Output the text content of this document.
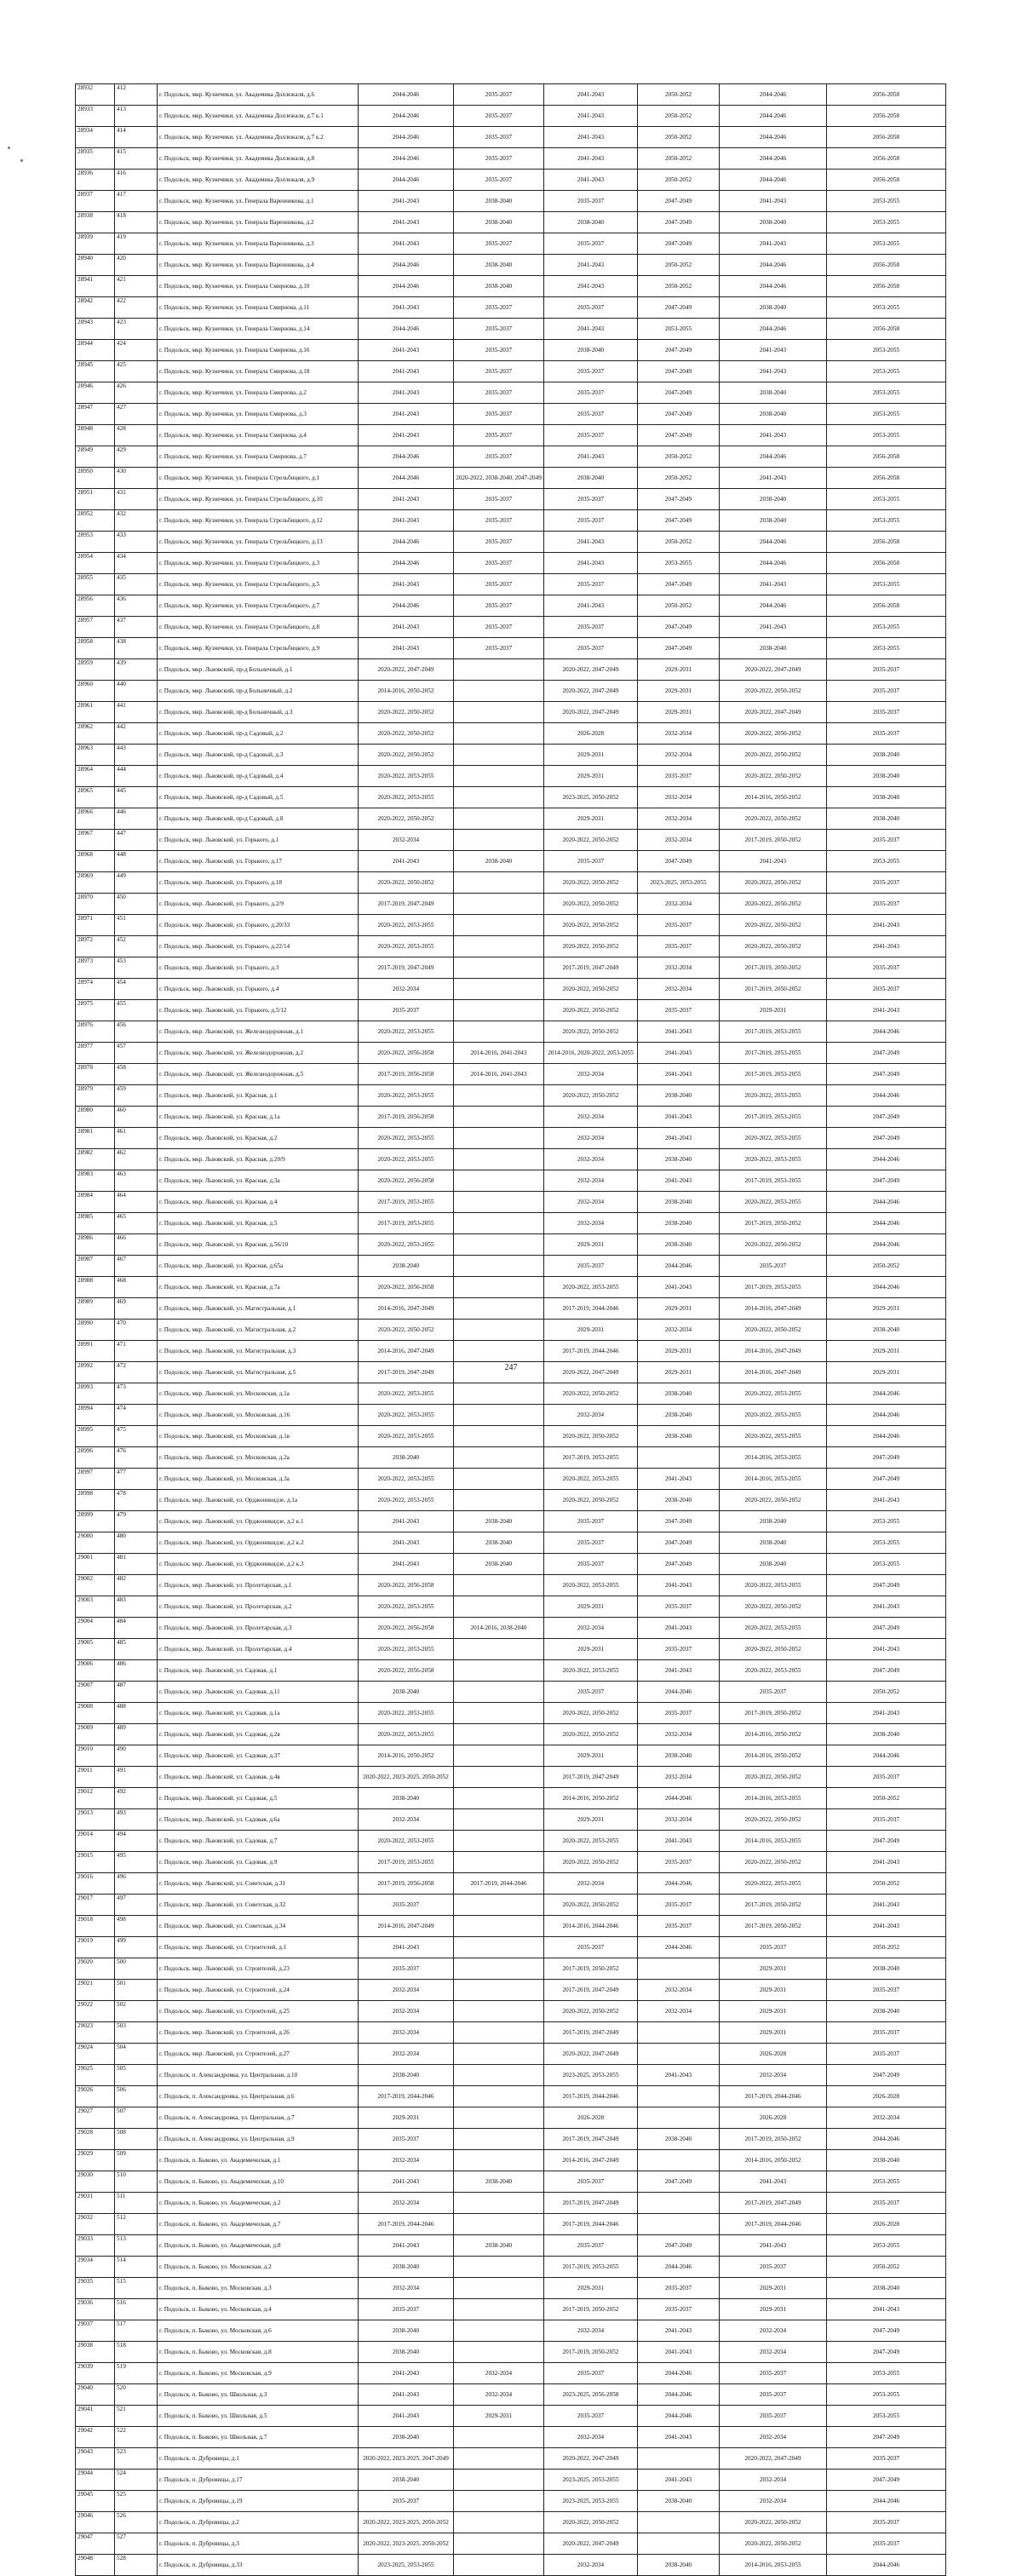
28932	412	г. Подольск, мкр. Кузнечики, ул. Академика Доллежаля, д.6	2044-2046	2035-2037	2041-2043	2050-2052	2044-2046	2056-2058
28933	413	г. Подольск, мкр. Кузнечики, ул. Академика Доллежаля, д.7 к.1	2044-2046	2035-2037	2041-2043	2050-2052	2044-2046	2056-2058
28934	414	г. Подольск, мкр. Кузнечики, ул. Академика Доллежаля, д.7 к.2	2044-2046	2035-2037	2041-2043	2050-2052	2044-2046	2056-2058
28935	415	г. Подольск, мкр. Кузнечики, ул. Академика Доллежаля, д.8	2044-2046	2035-2037	2041-2043	2050-2052	2044-2046	2056-2058
28936	416	г. Подольск, мкр. Кузнечики, ул. Академика Доллежаля, д.9	2044-2046	2035-2037	2041-2043	2050-2052	2044-2046	2056-2058
28937	417	г. Подольск, мкр. Кузнечики, ул. Генерала Варенникова, д.1	2041-2043	2038-2040	2035-2037	2047-2049	2041-2043	2053-2055
28938	418	г. Подольск, мкр. Кузнечики, ул. Генерала Варенникова, д.2	2041-2043	2038-2040	2038-2040	2047-2049	2038-2040	2053-2055
28939	419	г. Подольск, мкр. Кузнечики, ул. Генерала Варенникова, д.3	2041-2043	2035-2037	2035-2037	2047-2049	2041-2043	2053-2055
28940	420	г. Подольск, мкр. Кузнечики, ул. Генерала Варенникова, д.4	2044-2046	2038-2040	2041-2043	2050-2052	2044-2046	2056-2058
28941	421	г. Подольск, мкр. Кузнечики, ул. Генерала Смирнова, д.10	2044-2046	2038-2040	2041-2043	2050-2052	2044-2046	2056-2058
28942	422	г. Подольск, мкр. Кузнечики, ул. Генерала Смирнова, д.11	2041-2043	2035-2037	2035-2037	2047-2049	2038-2040	2053-2055
28943	423	г. Подольск, мкр. Кузнечики, ул. Генерала Смирнова, д.14	2044-2046	2035-2037	2041-2043	2053-2055	2044-2046	2056-2058
28944	424	г. Подольск, мкр. Кузнечики, ул. Генерала Смирнова, д.16	2041-2043	2035-2037	2038-2040	2047-2049	2041-2043	2053-2055
28945	425	г. Подольск, мкр. Кузнечики, ул. Генерала Смирнова, д.18	2041-2043	2035-2037	2035-2037	2047-2049	2041-2043	2053-2055
28946	426	г. Подольск, мкр. Кузнечики, ул. Генерала Смирнова, д.2	2041-2043	2035-2037	2035-2037	2047-2049	2038-2040	2053-2055
28947	427	г. Подольск, мкр. Кузнечики, ул. Генерала Смирнова, д.3	2041-2043	2035-2037	2035-2037	2047-2049	2038-2040	2053-2055
28948	428	г. Подольск, мкр. Кузнечики, ул. Генерала Смирнова, д.4	2041-2043	2035-2037	2035-2037	2047-2049	2041-2043	2053-2055
28949	429	г. Подольск, мкр. Кузнечики, ул. Генерала Смирнова, д.7	2044-2046	2035-2037	2041-2043	2050-2052	2044-2046	2056-2058
28950	430	г. Подольск, мкр. Кузнечики, ул. Генерала Стрельбицкого, д.1	2044-2046	2020-2022, 2038-2040, 2047-2049	2038-2040	2050-2052	2041-2043	2056-2058
28951	431	г. Подольск, мкр. Кузнечики, ул. Генерала Стрельбицкого, д.10	2041-2043	2035-2037	2035-2037	2047-2049	2038-2040	2053-2055
28952	432	г. Подольск, мкр. Кузнечики, ул. Генерала Стрельбицкого, д.12	2041-2043	2035-2037	2035-2037	2047-2049	2038-2040	2053-2055
28953	433	г. Подольск, мкр. Кузнечики, ул. Генерала Стрельбицкого, д.13	2044-2046	2035-2037	2041-2043	2050-2052	2044-2046	2056-2058
28954	434	г. Подольск, мкр. Кузнечики, ул. Генерала Стрельбицкого, д.3	2044-2046	2035-2037	2041-2043	2053-2055	2044-2046	2056-2058
28955	435	г. Подольск, мкр. Кузнечики, ул. Генерала Стрельбицкого, д.5	2041-2043	2035-2037	2035-2037	2047-2049	2041-2043	2053-2055
28956	436	г. Подольск, мкр. Кузнечики, ул. Генерала Стрельбицкого, д.7	2044-2046	2035-2037	2041-2043	2050-2052	2044-2046	2056-2058
28957	437	г. Подольск, мкр. Кузнечики, ул. Генерала Стрельбицкого, д.8	2041-2043	2035-2037	2035-2037	2047-2049	2041-2043	2053-2055
28958	438	г. Подольск, мкр. Кузнечики, ул. Генерала Стрельбицкого, д.9	2041-2043	2035-2037	2035-2037	2047-2049	2038-2040	2053-2055
28959	439	г. Подольск, мкр. Львовский, пр-д Больничный, д.1	2020-2022, 2047-2049		2020-2022, 2047-2049	2029-2031	2020-2022, 2047-2049	2035-2037
28960	440	г. Подольск, мкр. Львовский, пр-д Больничный, д.2	2014-2016, 2050-2052		2020-2022, 2047-2049	2029-2031	2020-2022, 2050-2052	2035-2037
28961	441	г. Подольск, мкр. Львовский, пр-д Больничный, д.3	2020-2022, 2050-2052		2020-2022, 2047-2049	2029-2031	2020-2022, 2047-2049	2035-2037
28962	442	г. Подольск, мкр. Львовский, пр-д Садовый, д.2	2020-2022, 2050-2052		2026-2028	2032-2034	2020-2022, 2050-2052	2035-2037
28963	443	г. Подольск, мкр. Львовский, пр-д Садовый, д.3	2020-2022, 2050-2052		2029-2031	2032-2034	2020-2022, 2050-2052	2038-2040
28964	444	г. Подольск, мкр. Львовский, пр-д Садовый, д.4	2020-2022, 2053-2055		2029-2031	2035-2037	2020-2022, 2050-2052	2038-2040
28965	445	г. Подольск, мкр. Львовский, пр-д Садовый, д.5	2020-2022, 2053-2055		2023-2025, 2050-2052	2032-2034	2014-2016, 2050-2052	2038-2040
28966	446	г. Подольск, мкр. Львовский, пр-д Садовый, д.8	2020-2022, 2050-2052		2029-2031	2032-2034	2020-2022, 2050-2052	2038-2040
28967	447	г. Подольск, мкр. Львовский, ул. Горького, д.1	2032-2034		2020-2022, 2050-2052	2032-2034	2017-2019, 2050-2052	2035-2037
28968	448	г. Подольск, мкр. Львовский, ул. Горького, д.17	2041-2043	2038-2040	2035-2037	2047-2049	2041-2043	2053-2055
28969	449	г. Подольск, мкр. Львовский, ул. Горького, д.18	2020-2022, 2050-2052		2020-2022, 2050-2052	2023-2025, 2053-2055	2020-2022, 2050-2052	2035-2037
28970	450	г. Подольск, мкр. Львовский, ул. Горького, д.2/9	2017-2019, 2047-2049		2020-2022, 2050-2052	2032-2034	2020-2022, 2050-2052	2035-2037
28971	451	г. Подольск, мкр. Львовский, ул. Горького, д.20/33	2020-2022, 2053-2055		2020-2022, 2050-2052	2035-2037	2020-2022, 2050-2052	2041-2043
28972	452	г. Подольск, мкр. Львовский, ул. Горького, д.22/14	2020-2022, 2053-2055		2020-2022, 2050-2052	2035-2037	2020-2022, 2050-2052	2041-2043
28973	453	г. Подольск, мкр. Львовский, ул. Горького, д.3	2017-2019, 2047-2049		2017-2019, 2047-2049	2032-2034	2017-2019, 2050-2052	2035-2037
28974	454	г. Подольск, мкр. Львовский, ул. Горького, д.4	2032-2034		2020-2022, 2050-2052	2032-2034	2017-2019, 2050-2052	2035-2037
28975	455	г. Подольск, мкр. Львовский, ул. Горького, д.5/12	2035-2037		2020-2022, 2050-2052	2035-2037	2029-2031	2041-2043
28976	456	г. Подольск, мкр. Львовский, ул. Железнодорожная, д.1	2020-2022, 2053-2055		2020-2022, 2050-2052	2041-2043	2017-2019, 2053-2055	2044-2046
28977	457	г. Подольск, мкр. Львовский, ул. Железнодорожная, д.2	2020-2022, 2056-2058	2014-2016, 2041-2043	2014-2016, 2020-2022, 2053-2055	2041-2043	2017-2019, 2053-2055	2047-2049
28978	458	г. Подольск, мкр. Львовский, ул. Железнодорожная, д.5	2017-2019, 2056-2058	2014-2016, 2041-2043	2032-2034	2041-2043	2017-2019, 2053-2055	2047-2049
28979	459	г. Подольск, мкр. Львовский, ул. Красная, д.1	2020-2022, 2053-2055		2020-2022, 2050-2052	2038-2040	2020-2022, 2053-2055	2044-2046
28980	460	г. Подольск, мкр. Львовский, ул. Красная, д.1а	2017-2019, 2056-2058		2032-2034	2041-2043	2017-2019, 2053-2055	2047-2049
28981	461	г. Подольск, мкр. Львовский, ул. Красная, д.2	2020-2022, 2053-2055		2032-2034	2041-2043	2020-2022, 2053-2055	2047-2049
28982	462	г. Подольск, мкр. Львовский, ул. Красная, д.20/9	2020-2022, 2053-2055		2032-2034	2038-2040	2020-2022, 2053-2055	2044-2046
28983	463	г. Подольск, мкр. Львовский, ул. Красная, д.3а	2020-2022, 2056-2058		2032-2034	2041-2043	2017-2019, 2053-2055	2047-2049
28984	464	г. Подольск, мкр. Львовский, ул. Красная, д.4	2017-2019, 2053-2055		2032-2034	2038-2040	2020-2022, 2053-2055	2044-2046
28985	465	г. Подольск, мкр. Львовский, ул. Красная, д.5	2017-2019, 2053-2055		2032-2034	2038-2040	2017-2019, 2050-2052	2044-2046
28986	466	г. Подольск, мкр. Львовский, ул. Красная, д.56/10	2020-2022, 2053-2055		2029-2031	2038-2040	2020-2022, 2050-2052	2044-2046
28987	467	г. Подольск, мкр. Львовский, ул. Красная, д.65а	2038-2040		2035-2037	2044-2046	2035-2037	2050-2052
28988	468	г. Подольск, мкр. Львовский, ул. Красная, д.7а	2020-2022, 2056-2058		2020-2022, 2053-2055	2041-2043	2017-2019, 2053-2055	2044-2046
28989	469	г. Подольск, мкр. Львовский, ул. Магистральная, д.1	2014-2016, 2047-2049		2017-2019, 2044-2046	2029-2031	2014-2016, 2047-2049	2029-2031
28990	470	г. Подольск, мкр. Львовский, ул. Магистральная, д.2	2020-2022, 2050-2052		2029-2031	2032-2034	2020-2022, 2050-2052	2038-2040
28991	471	г. Подольск, мкр. Львовский, ул. Магистральная, д.3	2014-2016, 2047-2049		2017-2019, 2044-2046	2029-2031	2014-2016, 2047-2049	2029-2031
28992	472	г. Подольск, мкр. Львовский, ул. Магистральная, д.5	2017-2019, 2047-2049		2020-2022, 2047-2049	2029-2031	2014-2016, 2047-2049	2029-2031
28993	473	г. Подольск, мкр. Львовский, ул. Московская, д.1а	2020-2022, 2053-2055		2020-2022, 2050-2052	2038-2040	2020-2022, 2053-2055	2044-2046
28994	474	г. Подольск, мкр. Львовский, ул. Московская, д.16	2020-2022, 2053-2055		2032-2034	2038-2040	2020-2022, 2053-2055	2044-2046
28995	475	г. Подольск, мкр. Львовский, ул. Московская, д.1в	2020-2022, 2053-2055		2020-2022, 2050-2052	2038-2040	2020-2022, 2053-2055	2044-2046
28996	476	г. Подольск, мкр. Львовский, ул. Московская, д.2а	2038-2040		2017-2019, 2053-2055		2014-2016, 2053-2055	2047-2049
28997	477	г. Подольск, мкр. Львовский, ул. Московская, д.3а	2020-2022, 2053-2055		2020-2022, 2053-2055	2041-2043	2014-2016, 2053-2055	2047-2049
28998	478	г. Подольск, мкр. Львовский, ул. Орджоникидзе, д.1а	2020-2022, 2053-2055		2020-2022, 2050-2052	2038-2040	2020-2022, 2050-2052	2041-2043
28999	479	г. Подольск, мкр. Львовский, ул. Орджоникидзе, д.2 к.1	2041-2043	2038-2040	2035-2037	2047-2049	2038-2040	2053-2055
29000	480	г. Подольск, мкр. Львовский, ул. Орджоникидзе, д.2 к.2	2041-2043	2038-2040	2035-2037	2047-2049	2038-2040	2053-2055
29001	481	г. Подольск, мкр. Львовский, ул. Орджоникидзе, д.2 к.3	2041-2043	2038-2040	2035-2037	2047-2049	2038-2040	2053-2055
29002	482	г. Подольск, мкр. Львовский, ул. Пролетарская, д.1	2020-2022, 2056-2058		2020-2022, 2053-2055	2041-2043	2020-2022, 2053-2055	2047-2049
29003	483	г. Подольск, мкр. Львовский, ул. Пролетарская, д.2	2020-2022, 2053-2055		2029-2031	2035-2037	2020-2022, 2050-2052	2041-2043
29004	484	г. Подольск, мкр. Львовский, ул. Пролетарская, д.3	2020-2022, 2056-2058	2014-2016, 2038-2040	2032-2034	2041-2043	2020-2022, 2053-2055	2047-2049
29005	485	г. Подольск, мкр. Львовский, ул. Пролетарская, д.4	2020-2022, 2053-2055		2029-2031	2035-2037	2020-2022, 2050-2052	2041-2043
29006	486	г. Подольск, мкр. Львовский, ул. Садовая, д.1	2020-2022, 2056-2058		2020-2022, 2053-2055	2041-2043	2020-2022, 2053-2055	2047-2049
29007	487	г. Подольск, мкр. Львовский, ул. Садовая, д.11	2038-2040		2035-2037	2044-2046	2035-2037	2050-2052
29008	488	г. Подольск, мкр. Львовский, ул. Садовая, д.1а	2020-2022, 2053-2055		2020-2022, 2050-2052	2035-2037	2017-2019, 2050-2052	2041-2043
29009	489	г. Подольск, мкр. Львовский, ул. Садовая, д.2в	2020-2022, 2053-2055		2020-2022, 2050-2052	2032-2034	2014-2016, 2050-2052	2038-2040
29010	490	г. Подольск, мкр. Львовский, ул. Садовая, д.37	2014-2016, 2050-2052		2029-2031	2038-2040	2014-2016, 2050-2052	2044-2046
29011	491	г. Подольск, мкр. Львовский, ул. Садовая, д.4в	2020-2022, 2023-2025, 2050-2052		2017-2019, 2047-2049	2032-2034	2020-2022, 2050-2052	2035-2037
29012	492	г. Подольск, мкр. Львовский, ул. Садовая, д.5	2038-2040		2014-2016, 2050-2052	2044-2046	2014-2016, 2053-2055	2050-2052
29013	493	г. Подольск, мкр. Львовский, ул. Садовая, д.6а	2032-2034		2029-2031	2032-2034	2020-2022, 2050-2052	2035-2037
29014	494	г. Подольск, мкр. Львовский, ул. Садовая, д.7	2020-2022, 2053-2055		2020-2022, 2053-2055	2041-2043	2014-2016, 2053-2055	2047-2049
29015	495	г. Подольск, мкр. Львовский, ул. Садовая, д.9	2017-2019, 2053-2055		2020-2022, 2050-2052	2035-2037	2020-2022, 2050-2052	2041-2043
29016	496	г. Подольск, мкр. Львовский, ул. Советская, д.31	2017-2019, 2056-2058	2017-2019, 2044-2046	2032-2034	2044-2046	2020-2022, 2053-2055	2050-2052
29017	497	г. Подольск, мкр. Львовский, ул. Советская, д.32	2035-2037		2020-2022, 2050-2052	2035-2037	2017-2019, 2050-2052	2041-2043
29018	498	г. Подольск, мкр. Львовский, ул. Советская, д.34	2014-2016, 2047-2049		2014-2016, 2044-2046	2035-2037	2017-2019, 2050-2052	2041-2043
29019	499	г. Подольск, мкр. Львовский, ул. Строителей, д.1	2041-2043		2035-2037	2044-2046	2035-2037	2050-2052
29020	500	г. Подольск, мкр. Львовский, ул. Строителей, д.23	2035-2037		2017-2019, 2050-2052		2029-2031	2038-2040
29021	501	г. Подольск, мкр. Львовский, ул. Строителей, д.24	2032-2034		2017-2019, 2047-2049	2032-2034	2029-2031	2035-2037
29022	502	г. Подольск, мкр. Львовский, ул. Строителей, д.25	2032-2034		2020-2022, 2050-2052	2032-2034	2029-2031	2038-2040
29023	503	г. Подольск, мкр. Львовский, ул. Строителей, д.26	2032-2034		2017-2019, 2047-2049		2029-2031	2035-2037
29024	504	г. Подольск, мкр. Львовский, ул. Строителей, д.27	2032-2034		2020-2022, 2047-2049		2026-2028	2035-2037
29025	505	г. Подольск, п. Александровка, ул. Центральная, д.10	2038-2040		2023-2025, 2053-2055	2041-2043	2032-2034	2047-2049
29026	506	г. Подольск, п. Александровка, ул. Центральная, д.6	2017-2019, 2044-2046		2017-2019, 2044-2046		2017-2019, 2044-2046	2026-2028
29027	507	г. Подольск, п. Александровка, ул. Центральная, д.7	2029-2031		2026-2028		2026-2028	2032-2034
29028	508	г. Подольск, п. Александровка, ул. Центральная, д.9	2035-2037		2017-2019, 2047-2049	2038-2040	2017-2019, 2050-2052	2044-2046
29029	509	г. Подольск, п. Быково, ул. Академическая, д.1	2032-2034		2014-2016, 2047-2049		2014-2016, 2050-2052	2038-2040
29030	510	г. Подольск, п. Быково, ул. Академическая, д.10	2041-2043	2038-2040	2035-2037	2047-2049	2041-2043	2053-2055
29031	511	г. Подольск, п. Быково, ул. Академическая, д.2	2032-2034		2017-2019, 2047-2049		2017-2019, 2047-2049	2035-2037
29032	512	г. Подольск, п. Быково, ул. Академическая, д.7	2017-2019, 2044-2046		2017-2019, 2044-2046		2017-2019, 2044-2046	2026-2028
29033	513	г. Подольск, п. Быково, ул. Академическая, д.8	2041-2043	2038-2040	2035-2037	2047-2049	2041-2043	2053-2055
29034	514	г. Подольск, п. Быково, ул. Московская, д.2	2038-2040		2017-2019, 2053-2055	2044-2046	2035-2037	2050-2052
29035	515	г. Подольск, п. Быково, ул. Московская, д.3	2032-2034		2029-2031	2035-2037	2029-2031	2038-2040
29036	516	г. Подольск, п. Быково, ул. Московская, д.4	2035-2037		2017-2019, 2050-2052	2035-2037	2029-2031	2041-2043
29037	517	г. Подольск, п. Быково, ул. Московская, д.6	2038-2040		2032-2034	2041-2043	2032-2034	2047-2049
29038	518	г. Подольск, п. Быково, ул. Московская, д.8	2038-2040		2017-2019, 2050-2052	2041-2043	2032-2034	2047-2049
29039	519	г. Подольск, п. Быково, ул. Московская, д.9	2041-2043	2032-2034	2035-2037	2044-2046	2035-2037	2053-2055
29040	520	г. Подольск, п. Быково, ул. Школьная, д.3	2041-2043	2032-2034	2023-2025, 2056-2058	2044-2046	2035-2037	2053-2055
29041	521	г. Подольск, п. Быково, ул. Школьная, д.5	2041-2043	2029-2031	2035-2037	2044-2046	2035-2037	2053-2055
29042	522	г. Подольск, п. Быково, ул. Школьная, д.7	2038-2040		2032-2034	2041-2043	2032-2034	2047-2049
29043	523	г. Подольск, п. Дубровицы, д.1	2020-2022, 2023-2025, 2047-2049		2020-2022, 2047-2049		2020-2022, 2047-2049	2035-2037
29044	524	г. Подольск, п. Дубровицы, д.17	2038-2040		2023-2025, 2053-2055	2041-2043	2032-2034	2047-2049
29045	525	г. Подольск, п. Дубровицы, д.19	2035-2037		2023-2025, 2053-2055	2038-2040	2032-2034	2044-2046
29046	526	г. Подольск, п. Дубровицы, д.2	2020-2022, 2023-2025, 2050-2052		2020-2022, 2050-2052		2020-2022, 2050-2052	2035-2037
29047	527	г. Подольск, п. Дубровицы, д.3	2020-2022, 2023-2025, 2050-2052		2020-2022, 2047-2049		2020-2022, 2050-2052	2035-2037
29048	528	г. Подольск, п. Дубровицы, д.33	2023-2025, 2053-2055		2032-2034	2038-2040	2014-2016, 2053-2055	2044-2046
247
